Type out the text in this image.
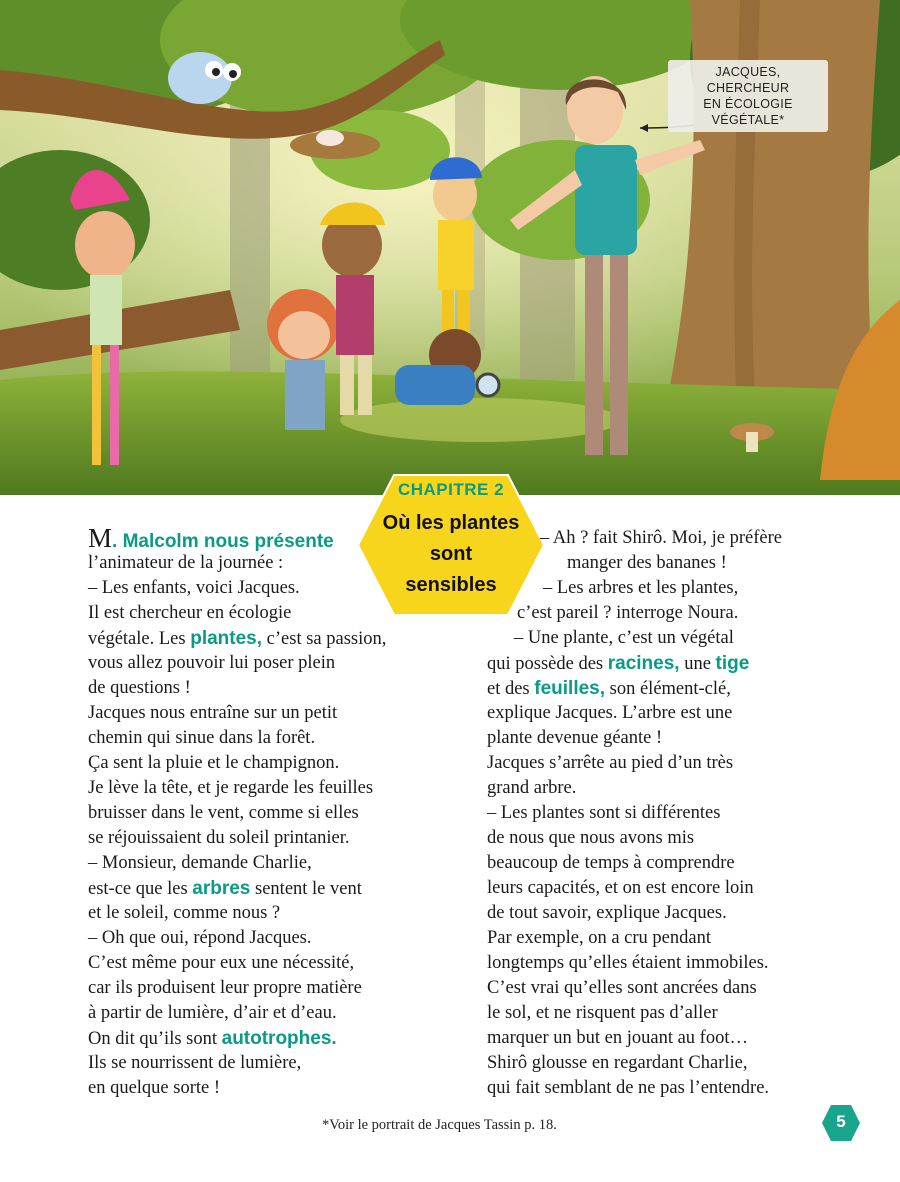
JACQUES, CHERCHEUR
EN ÉCOLOGIE VÉGÉTALE*
CHAPITRE 2
Où les plantes
sont
sensibles

M. Malcolm nous présente

l’animateur de la journée :

– Les enfants, voici Jacques.

Il est chercheur en écologie

végétale. Les plantes, c’est sa passion,

vous allez pouvoir lui poser plein

de questions !

Jacques nous entraîne sur un petit

chemin qui sinue dans la forêt.

Ça sent la pluie et le champignon.

Je lève la tête, et je regarde les feuilles

bruisser dans le vent, comme si elles

se réjouissaient du soleil printanier.

– Monsieur, demande Charlie,

est-ce que les arbres sentent le vent

et le soleil, comme nous ?

– Oh que oui, répond Jacques.

C’est même pour eux une nécessité,

car ils produisent leur propre matière

à partir de lumière, d’air et d’eau.

On dit qu’ils sont autotrophes.

Ils se nourrissent de lumière,

en quelque sorte !

– Ah ? fait Shirô. Moi, je préfère

manger des bananes !

– Les arbres et les plantes,

c’est pareil ? interroge Noura.

– Une plante, c’est un végétal

qui possède des racines, une tige

et des feuilles, son élément-clé,

explique Jacques. L’arbre est une

plante devenue géante !

Jacques s’arrête au pied d’un très

grand arbre.

– Les plantes sont si différentes

de nous que nous avons mis

beaucoup de temps à comprendre

leurs capacités, et on est encore loin

de tout savoir, explique Jacques.

Par exemple, on a cru pendant

longtemps qu’elles étaient immobiles.

C’est vrai qu’elles sont ancrées dans

le sol, et ne risquent pas d’aller

marquer un but en jouant au foot…

Shirô glousse en regardant Charlie,

qui fait semblant de ne pas l’entendre.

*Voir le portrait de Jacques Tassin p. 18.	5
